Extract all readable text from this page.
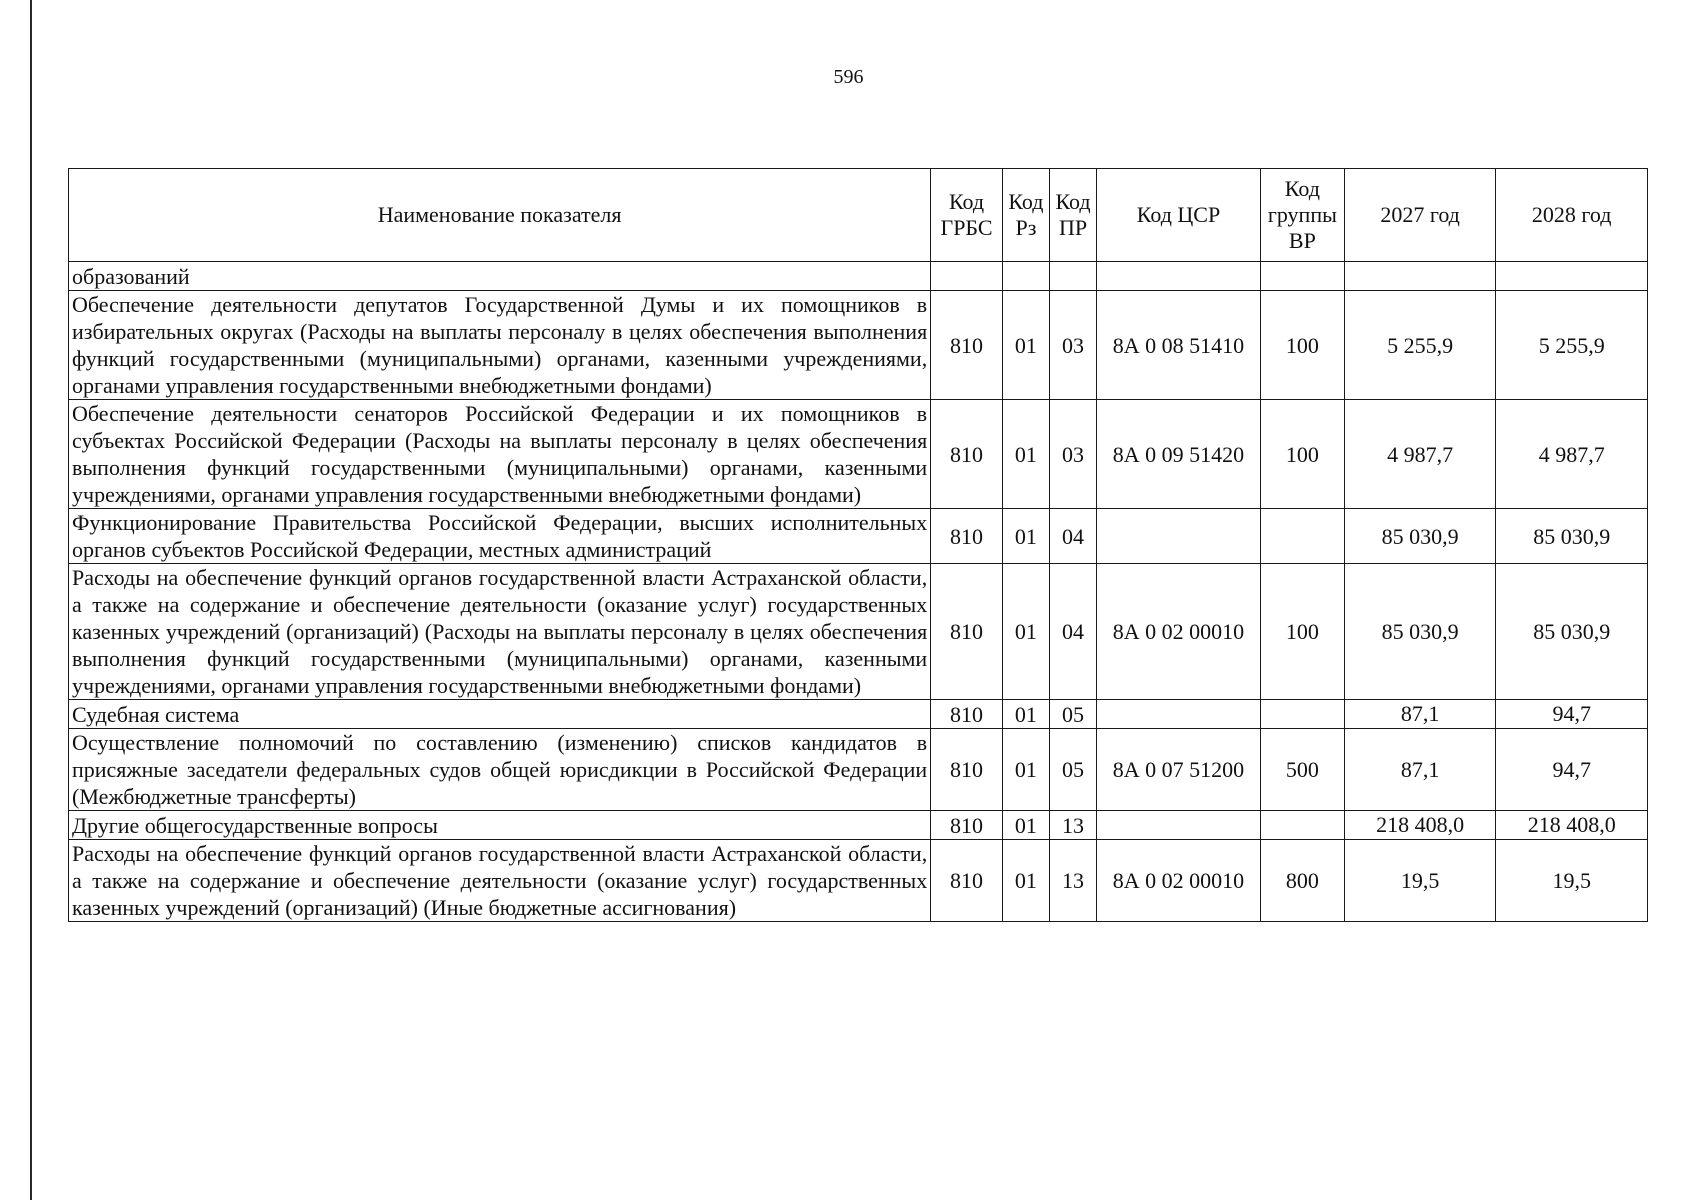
596
Наименование показателя	Код ГРБС	Код Рз	Код ПР	Код ЦСР	Код группы ВР	2027 год	2028 год
образований							
Обеспечение деятельности депутатов Государственной Думы и их помощников в избирательных округах (Расходы на выплаты персоналу в целях обеспечения выполнения функций государственными (муниципальными) органами, казенными учреждениями, органами управления государственными внебюджетными фондами)	810	01	03	8А 0 08 51410	100	5 255,9	5 255,9
Обеспечение деятельности сенаторов Российской Федерации и их помощников в субъектах Российской Федерации (Расходы на выплаты персоналу в целях обеспечения выполнения функций государственными (муниципальными) органами, казенными учреждениями, органами управления государственными внебюджетными фондами)	810	01	03	8А 0 09 51420	100	4 987,7	4 987,7
Функционирование Правительства Российской Федерации, высших исполнительных органов субъектов Российской Федерации, местных администраций	810	01	04			85 030,9	85 030,9
Расходы на обеспечение функций органов государственной власти Астраханской области, а также на содержание и обеспечение деятельности (оказание услуг) государственных казенных учреждений (организаций) (Расходы на выплаты персоналу в целях обеспечения выполнения функций государственными (муниципальными) органами, казенными учреждениями, органами управления государственными внебюджетными фондами)	810	01	04	8А 0 02 00010	100	85 030,9	85 030,9
Судебная система	810	01	05			87,1	94,7
Осуществление полномочий по составлению (изменению) списков кандидатов в присяжные заседатели федеральных судов общей юрисдикции в Российской Федерации (Межбюджетные трансферты)	810	01	05	8А 0 07 51200	500	87,1	94,7
Другие общегосударственные вопросы	810	01	13			218 408,0	218 408,0
Расходы на обеспечение функций органов государственной власти Астраханской области, а также на содержание и обеспечение деятельности (оказание услуг) государственных казенных учреждений (организаций) (Иные бюджетные ассигнования)	810	01	13	8А 0 02 00010	800	19,5	19,5
